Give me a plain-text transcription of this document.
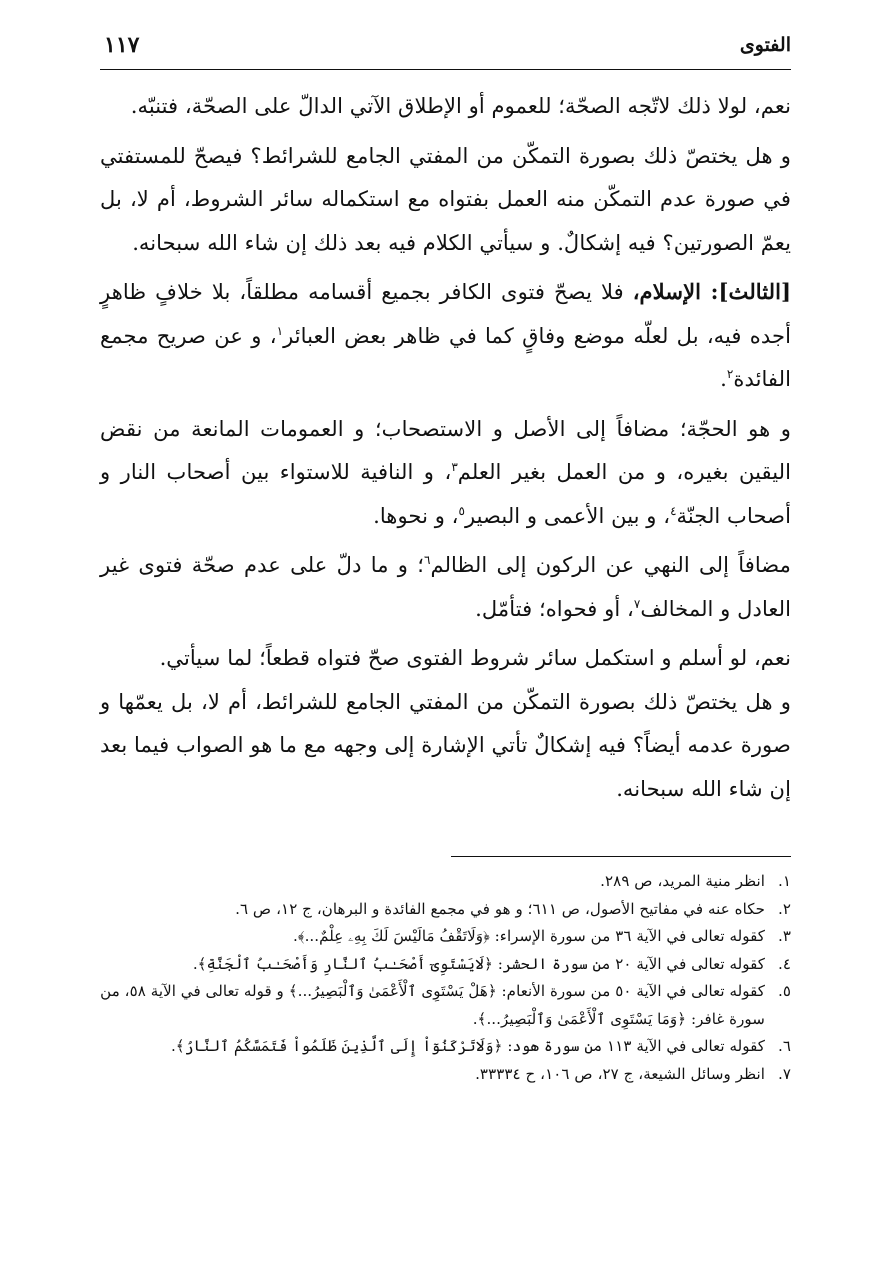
الفتوى
١١٧

نعم، لولا ذلك لاتّجه الصحّة؛ للعموم أو الإطلاق الآتي الدالّ على الصحّة، فتنبّه.

و هل يختصّ ذلك بصورة التمكّن من المفتي الجامع للشرائط؟ فيصحّ للمستفتي في صورة عدم التمكّن منه العمل بفتواه مع استكماله سائر الشروط، أم لا، بل يعمّ الصورتين؟ فيه إشكالٌ. و سيأتي الكلام فيه بعد ذلك إن شاء الله سبحانه.

[الثالث]: الإسلام، فلا يصحّ فتوى الكافر بجميع أقسامه مطلقاً، بلا خلافٍ ظاهرٍ أجده فيه، بل لعلّه موضع وفاقٍ كما في ظاهر بعض العبائر$^١$، و عن صريح مجمع الفائدة$^٢$.

و هو الحجّة؛ مضافاً إلى الأصل و الاستصحاب؛ و العمومات المانعة من نقض اليقين بغيره، و من العمل بغير العلم$^٣$، و النافية للاستواء بين أصحاب النار و أصحاب الجنّة$^٤$، و بين الأعمى و البصير$^٥$، و نحوها.

مضافاً إلى النهي عن الركون إلى الظالم$^٦$؛ و ما دلّ على عدم صحّة فتوى غير العادل و المخالف$^٧$، أو فحواه؛ فتأمّل.

نعم، لو أسلم و استكمل سائر شروط الفتوى صحّ فتواه قطعاً؛ لما سيأتي.

و هل يختصّ ذلك بصورة التمكّن من المفتي الجامع للشرائط، أم لا، بل يعمّها و صورة عدمه أيضاً؟ فيه إشكالٌ تأتي الإشارة إلى وجهه مع ما هو الصواب فيما بعد إن شاء الله سبحانه.

١.
انظر منية المريد، ص ٢٨٩.
٢.
حكاه عنه في مفاتيح الأصول، ص ٦١١؛ و هو في مجمع الفائدة و البرهان، ج ١٢، ص ٦.
٣.
كقوله تعالى في الآية ٣٦ من سورة الإسراء: ﴿وَلَاتَقْفُ مَالَيْسَ لَكَ بِهِۦ عِلْمٌ...﴾.
٤.
كقوله تعالى في الآية ٢٠ من سورة الحشر: ﴿لَايَسْتَوِىٓ أَصْحَـٰبُ ٱلنَّارِ وَأَصْحَـٰبُ ٱلْجَنَّةِ﴾.
٥.
كقوله تعالى في الآية ٥٠ من سورة الأنعام: ﴿هَلْ يَسْتَوِى ٱلْأَعْمَىٰ وَٱلْبَصِيرُ...﴾ و قوله تعالى في الآية ٥٨، من سورة غافر: ﴿وَمَا يَسْتَوِى ٱلْأَعْمَىٰ وَٱلْبَصِيرُ...﴾.
٦.
كقوله تعالى في الآية ١١٣ من سورة هود: ﴿وَلَاتَرْكَنُوٓاْ إِلَى ٱلَّذِينَ ظَلَمُواْ فَتَمَسَّكُمُ ٱلنَّارُ﴾.
٧.
انظر وسائل الشيعة، ج ٢٧، ص ١٠٦، ح ٣٣٣٣٤.
